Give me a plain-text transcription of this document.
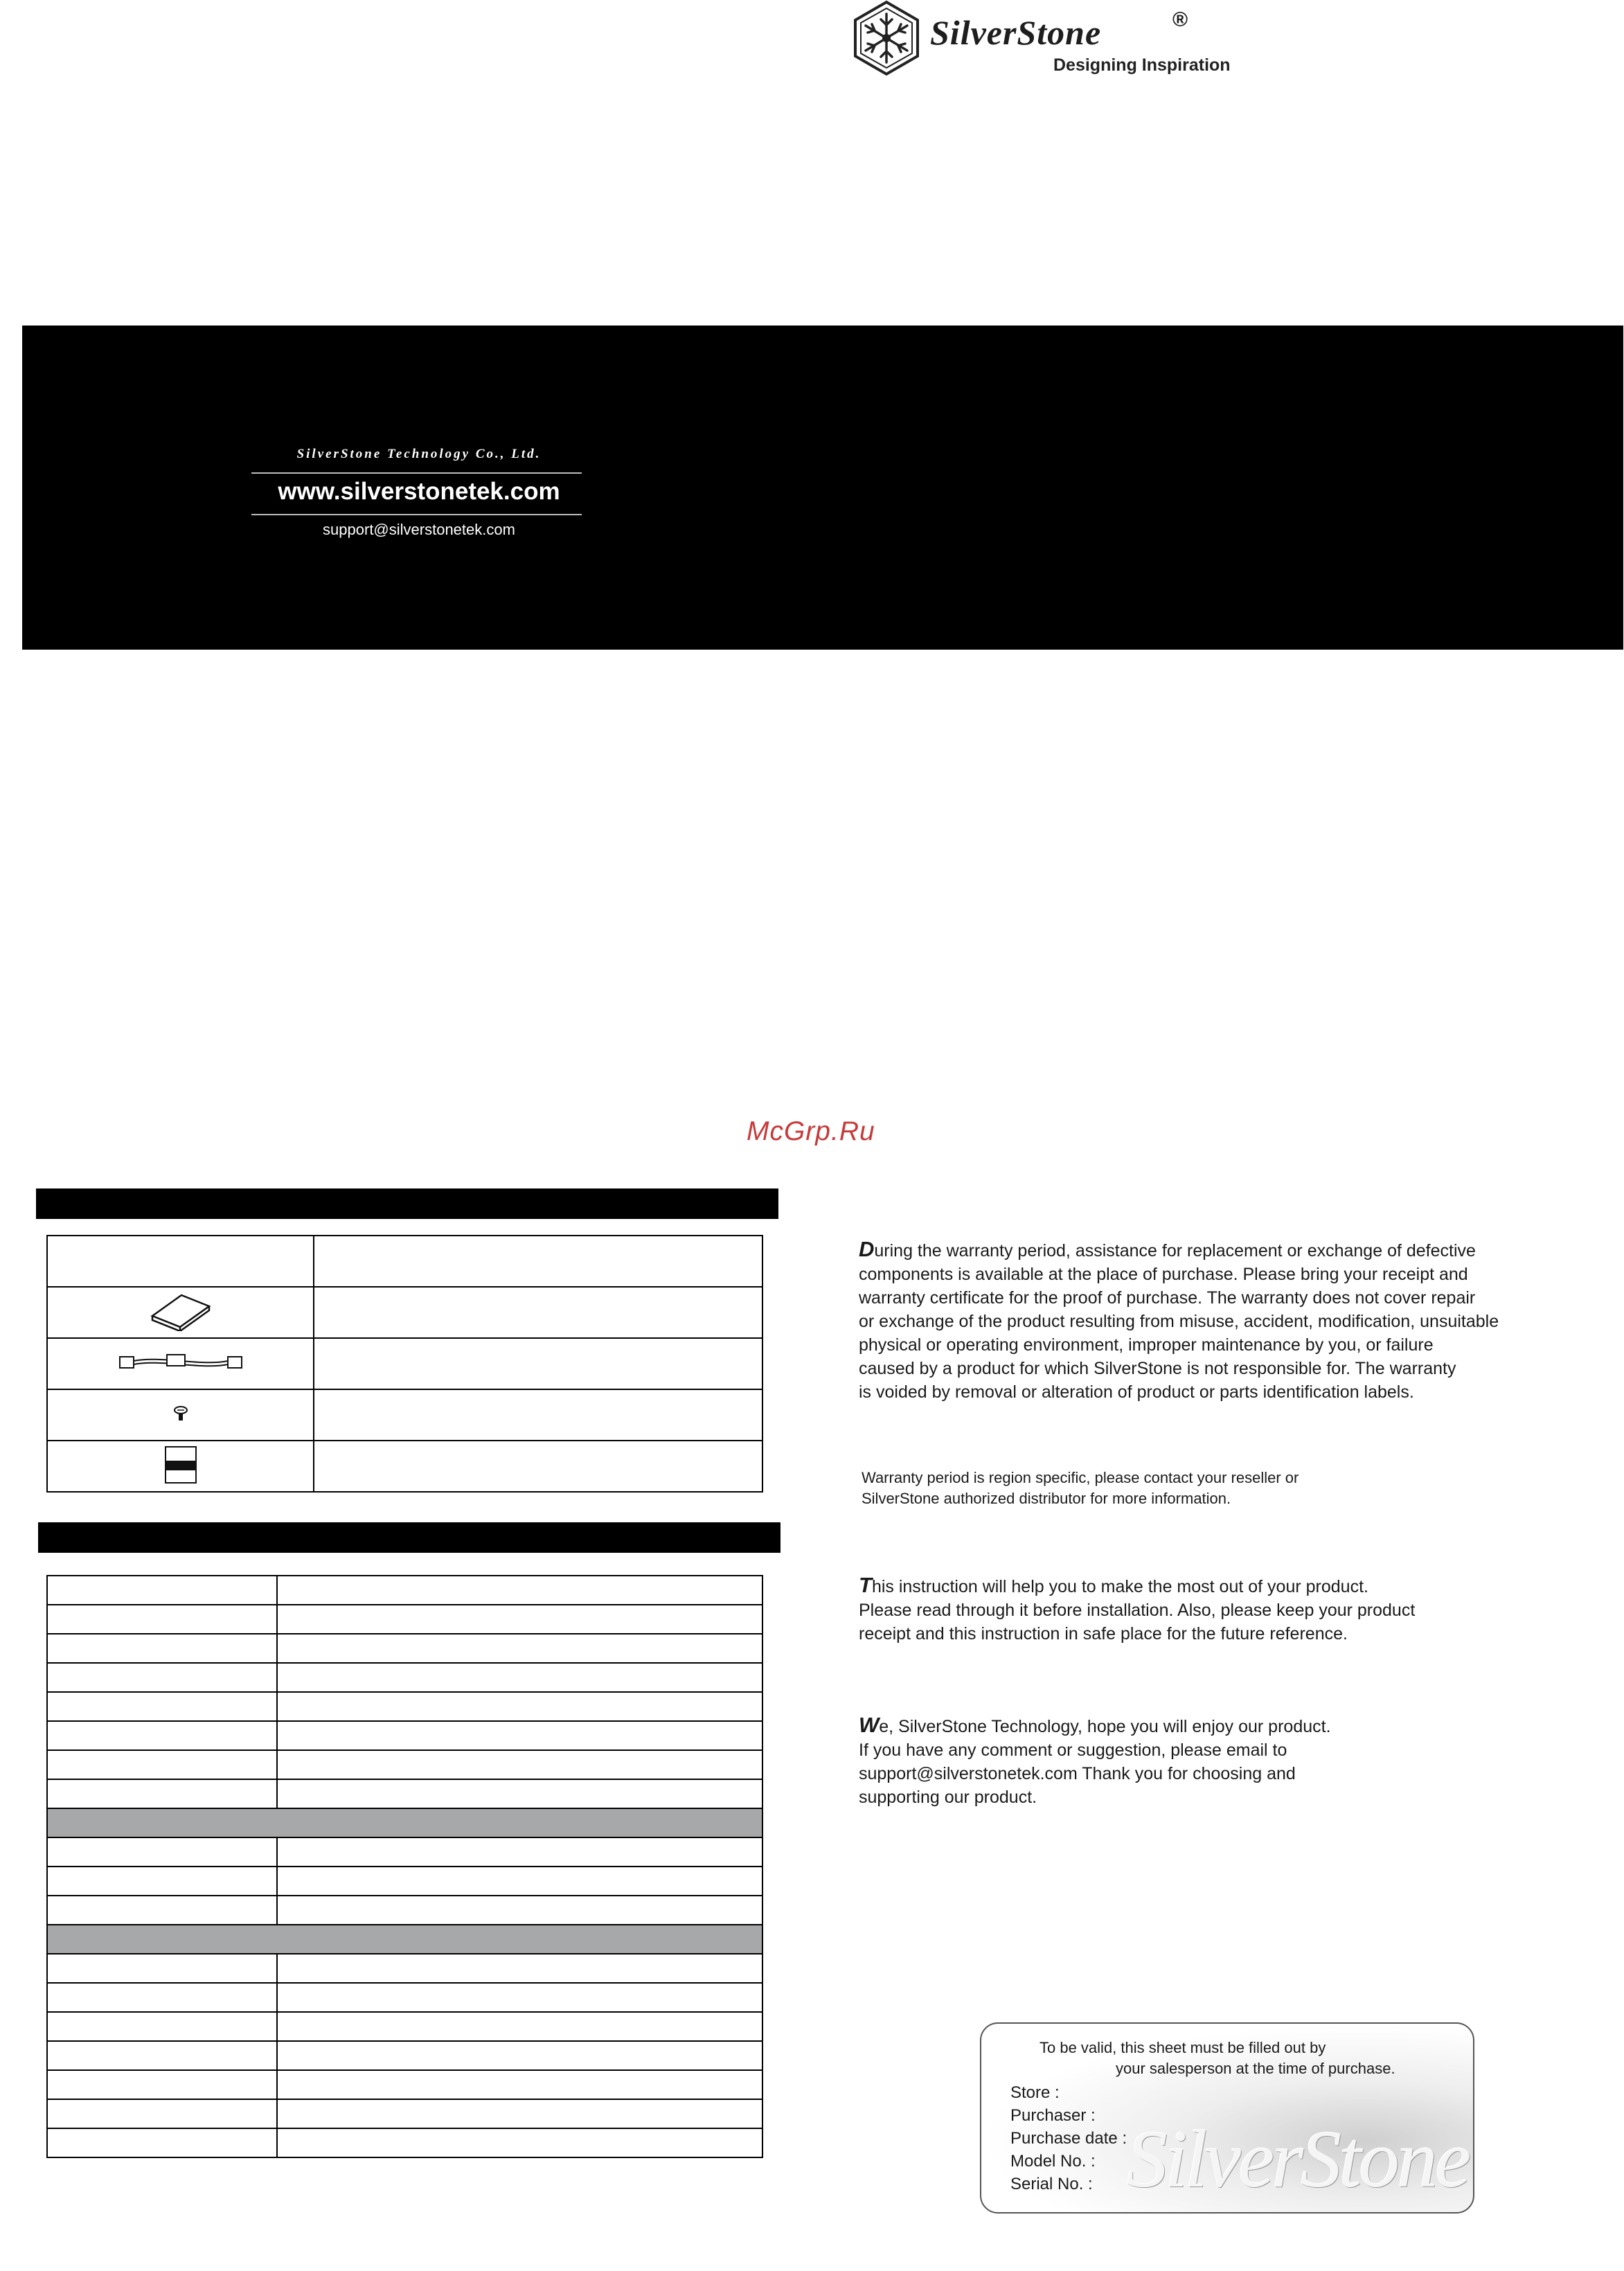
SilverStone	®
Designing Inspiration
SilverStone Technology Co., Ltd.
www.silverstonetek.com
support@silverstonetek.com
McGrp.Ru

During the warranty period, assistance for replacement or exchange of defective
components is available at the place of purchase. Please bring your receipt and
warranty certificate for the proof of purchase. The warranty does not cover repair
or exchange of the product resulting from misuse, accident, modification, unsuitable
physical or operating environment, improper maintenance by you, or failure
caused by a product for which SilverStone is not responsible for. The warranty
is voided by removal or alteration of product or parts identification labels.
Warranty period is region specific, please contact your reseller or
SilverStone authorized distributor for more information.
This instruction will help you to make the most out of your product.
Please read through it before installation. Also, please keep your product
receipt and this instruction in safe place for the future reference.
We, SilverStone Technology, hope you will enjoy our product.
If you have any comment or suggestion, please email to
support@silverstonetek.com Thank you for choosing and
supporting our product.
SilverStone
To be valid, this sheet must be filled out by
your salesperson at the time of purchase.
Store :
Purchaser :
Purchase date :
Model No. :
Serial No. :
